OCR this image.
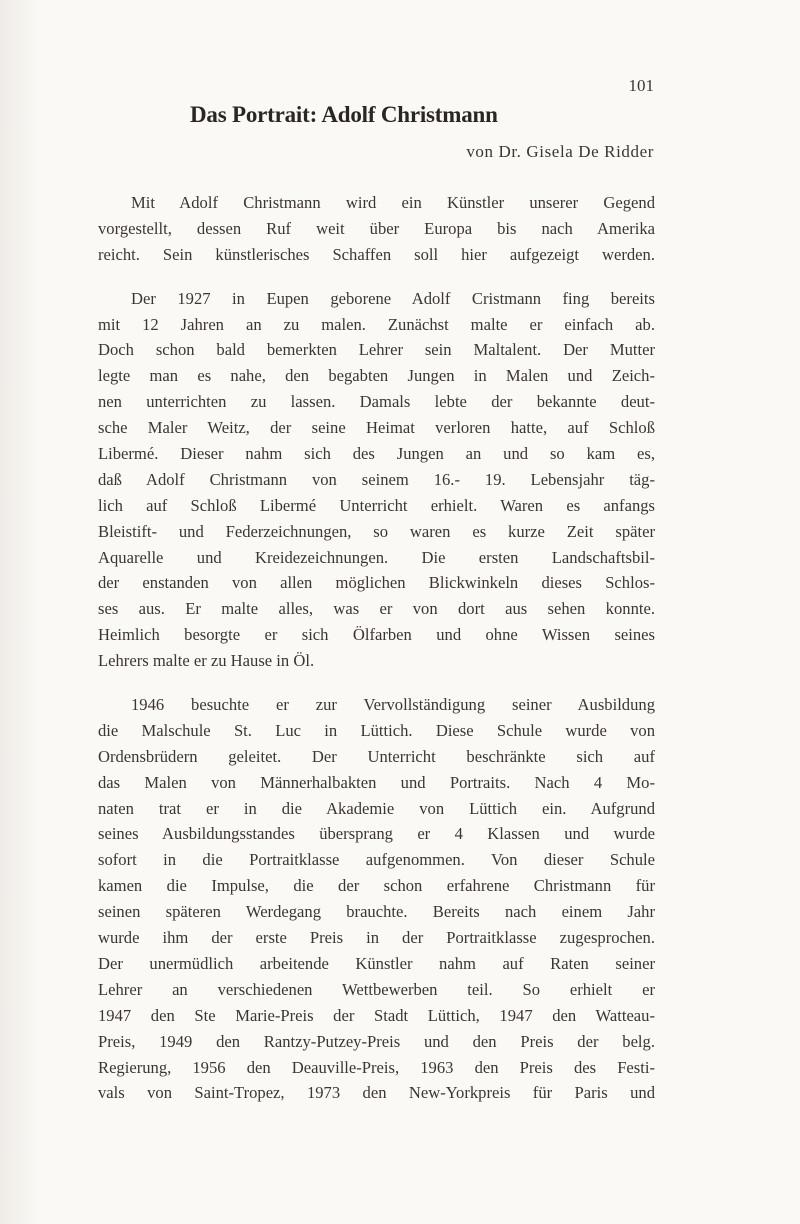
101
Das Portrait: Adolf Christmann
von Dr. Gisela De Ridder
Mit Adolf Christmann wird ein Künstler unserer Gegend
vorgestellt, dessen Ruf weit über Europa bis nach Amerika
reicht. Sein künstlerisches Schaffen soll hier aufgezeigt werden.
Der 1927 in Eupen geborene Adolf Cristmann fing bereits
mit 12 Jahren an zu malen. Zunächst malte er einfach ab.
Doch schon bald bemerkten Lehrer sein Maltalent. Der Mutter
legte man es nahe, den begabten Jungen in Malen und Zeich-
nen unterrichten zu lassen. Damals lebte der bekannte deut-
sche Maler Weitz, der seine Heimat verloren hatte, auf Schloß
Libermé. Dieser nahm sich des Jungen an und so kam es,
daß Adolf Christmann von seinem 16.- 19. Lebensjahr täg-
lich auf Schloß Libermé Unterricht erhielt. Waren es anfangs
Bleistift- und Federzeichnungen, so waren es kurze Zeit später
Aquarelle und Kreidezeichnungen. Die ersten Landschaftsbil-
der enstanden von allen möglichen Blickwinkeln dieses Schlos-
ses aus. Er malte alles, was er von dort aus sehen konnte.
Heimlich besorgte er sich Ölfarben und ohne Wissen seines
Lehrers malte er zu Hause in Öl.
1946 besuchte er zur Vervollständigung seiner Ausbildung
die Malschule St. Luc in Lüttich. Diese Schule wurde von
Ordensbrüdern geleitet. Der Unterricht beschränkte sich auf
das Malen von Männerhalbakten und Portraits. Nach 4 Mo-
naten trat er in die Akademie von Lüttich ein. Aufgrund
seines Ausbildungsstandes übersprang er 4 Klassen und wurde
sofort in die Portraitklasse aufgenommen. Von dieser Schule
kamen die Impulse, die der schon erfahrene Christmann für
seinen späteren Werdegang brauchte. Bereits nach einem Jahr
wurde ihm der erste Preis in der Portraitklasse zugesprochen.
Der unermüdlich arbeitende Künstler nahm auf Raten seiner
Lehrer an verschiedenen Wettbewerben teil. So erhielt er
1947 den Ste Marie-Preis der Stadt Lüttich, 1947 den Watteau-
Preis, 1949 den Rantzy-Putzey-Preis und den Preis der belg.
Regierung, 1956 den Deauville-Preis, 1963 den Preis des Festi-
vals von Saint-Tropez, 1973 den New-Yorkpreis für Paris und
